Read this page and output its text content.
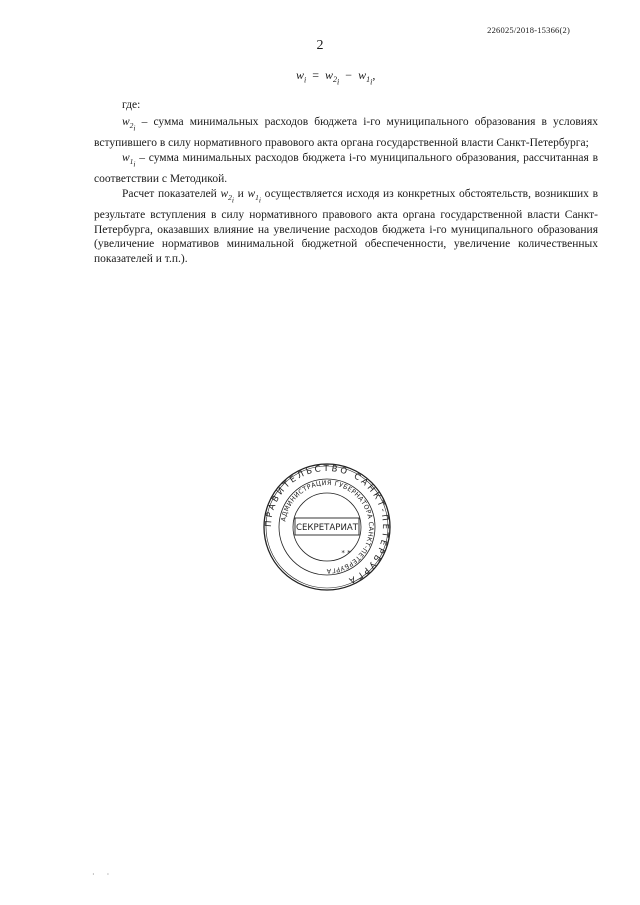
226025/2018-15366(2)
2
$w_i = w_{2_i} - w_{1_i}$,

где:

$w_{2_i}$ – сумма минимальных расходов бюджета i-го муниципального образования в условиях вступившего в силу нормативного правового акта органа государственной власти Санкт-Петербурга;

$w_{1_i}$ – сумма минимальных расходов бюджета i-го муниципального образования, рассчитанная в соответствии с Методикой.

Расчет показателей $w_{2_i}$ и $w_{1_i}$ осуществляется исходя из конкретных обстоятельств, возникших в результате вступления в силу нормативного правового акта органа государственной власти Санкт-Петербурга, оказавших влияние на увеличение расходов бюджета i-го муниципального образования (увеличение нормативов минимальной бюджетной обеспеченности, увеличение количественных показателей и т.п.).

ПРАВИТЕЛЬСТВО САНКТ-ПЕТЕРБУРГА
АДМИНИСТРАЦИЯ ГУБЕРНАТОРА САНКТ-ПЕТЕРБУРГА
СЕКРЕТАРИАТ
* *
·      ·
